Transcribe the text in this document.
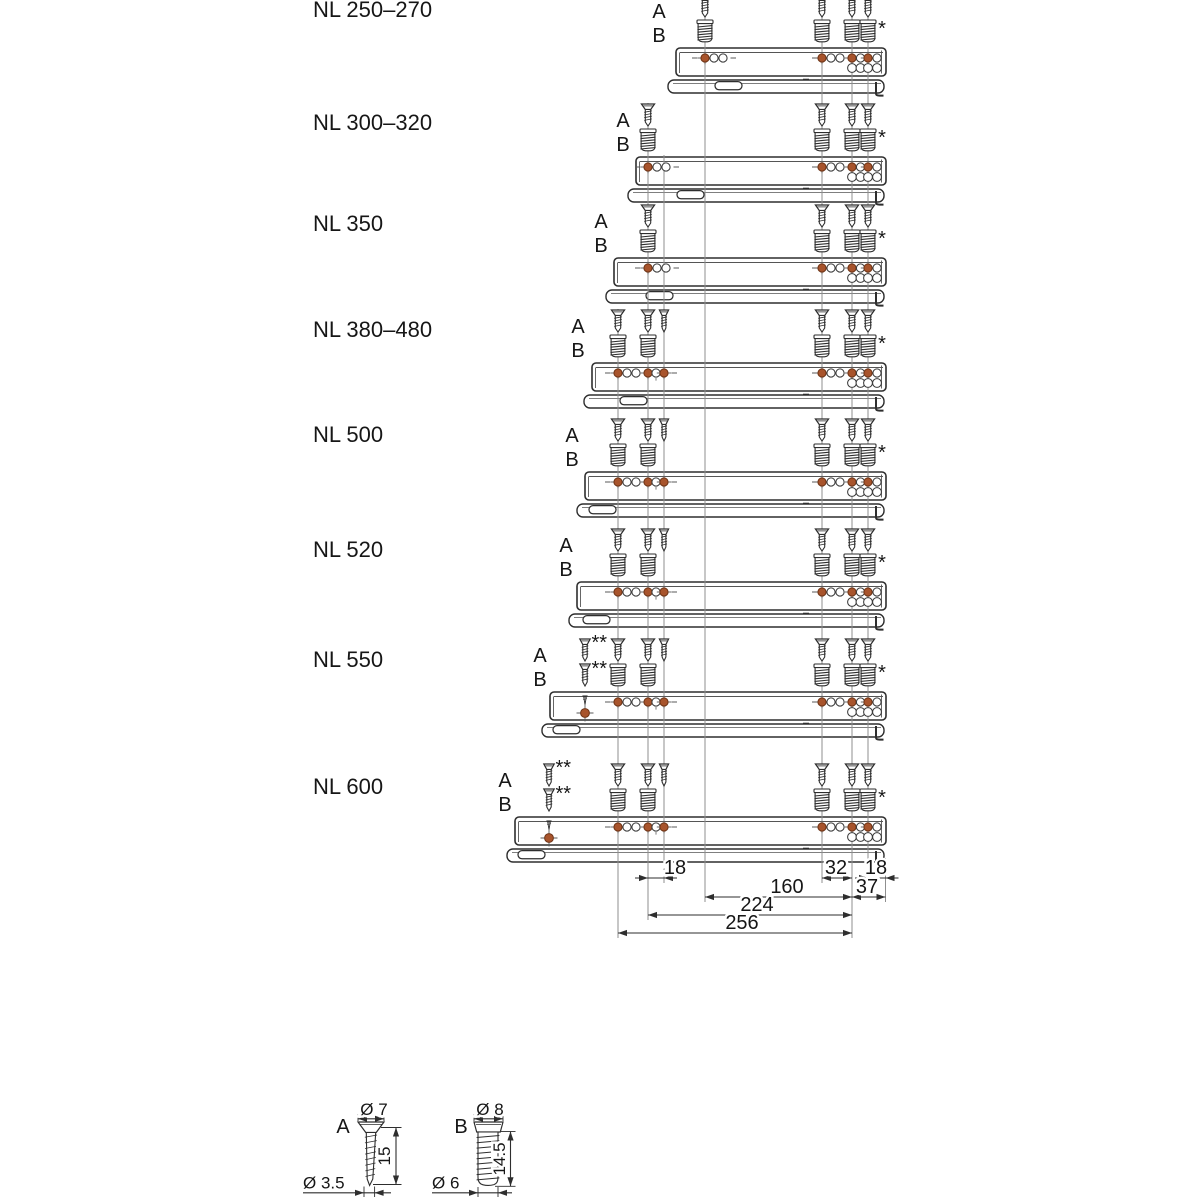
NL 250–270	A
B	*
NL 300–320	A
B	*
NL 350	A
B	*
NL 380–480	A
B	*
NL 500	A
B	*
NL 520	A
B	*
NL 550	A
B
**
**	*
NL 600	A
B
**
**	*
18	32 18
160	37
224
256
Ø 7
A
15
Ø 3.5
Ø 8
B
14.5
Ø 6
